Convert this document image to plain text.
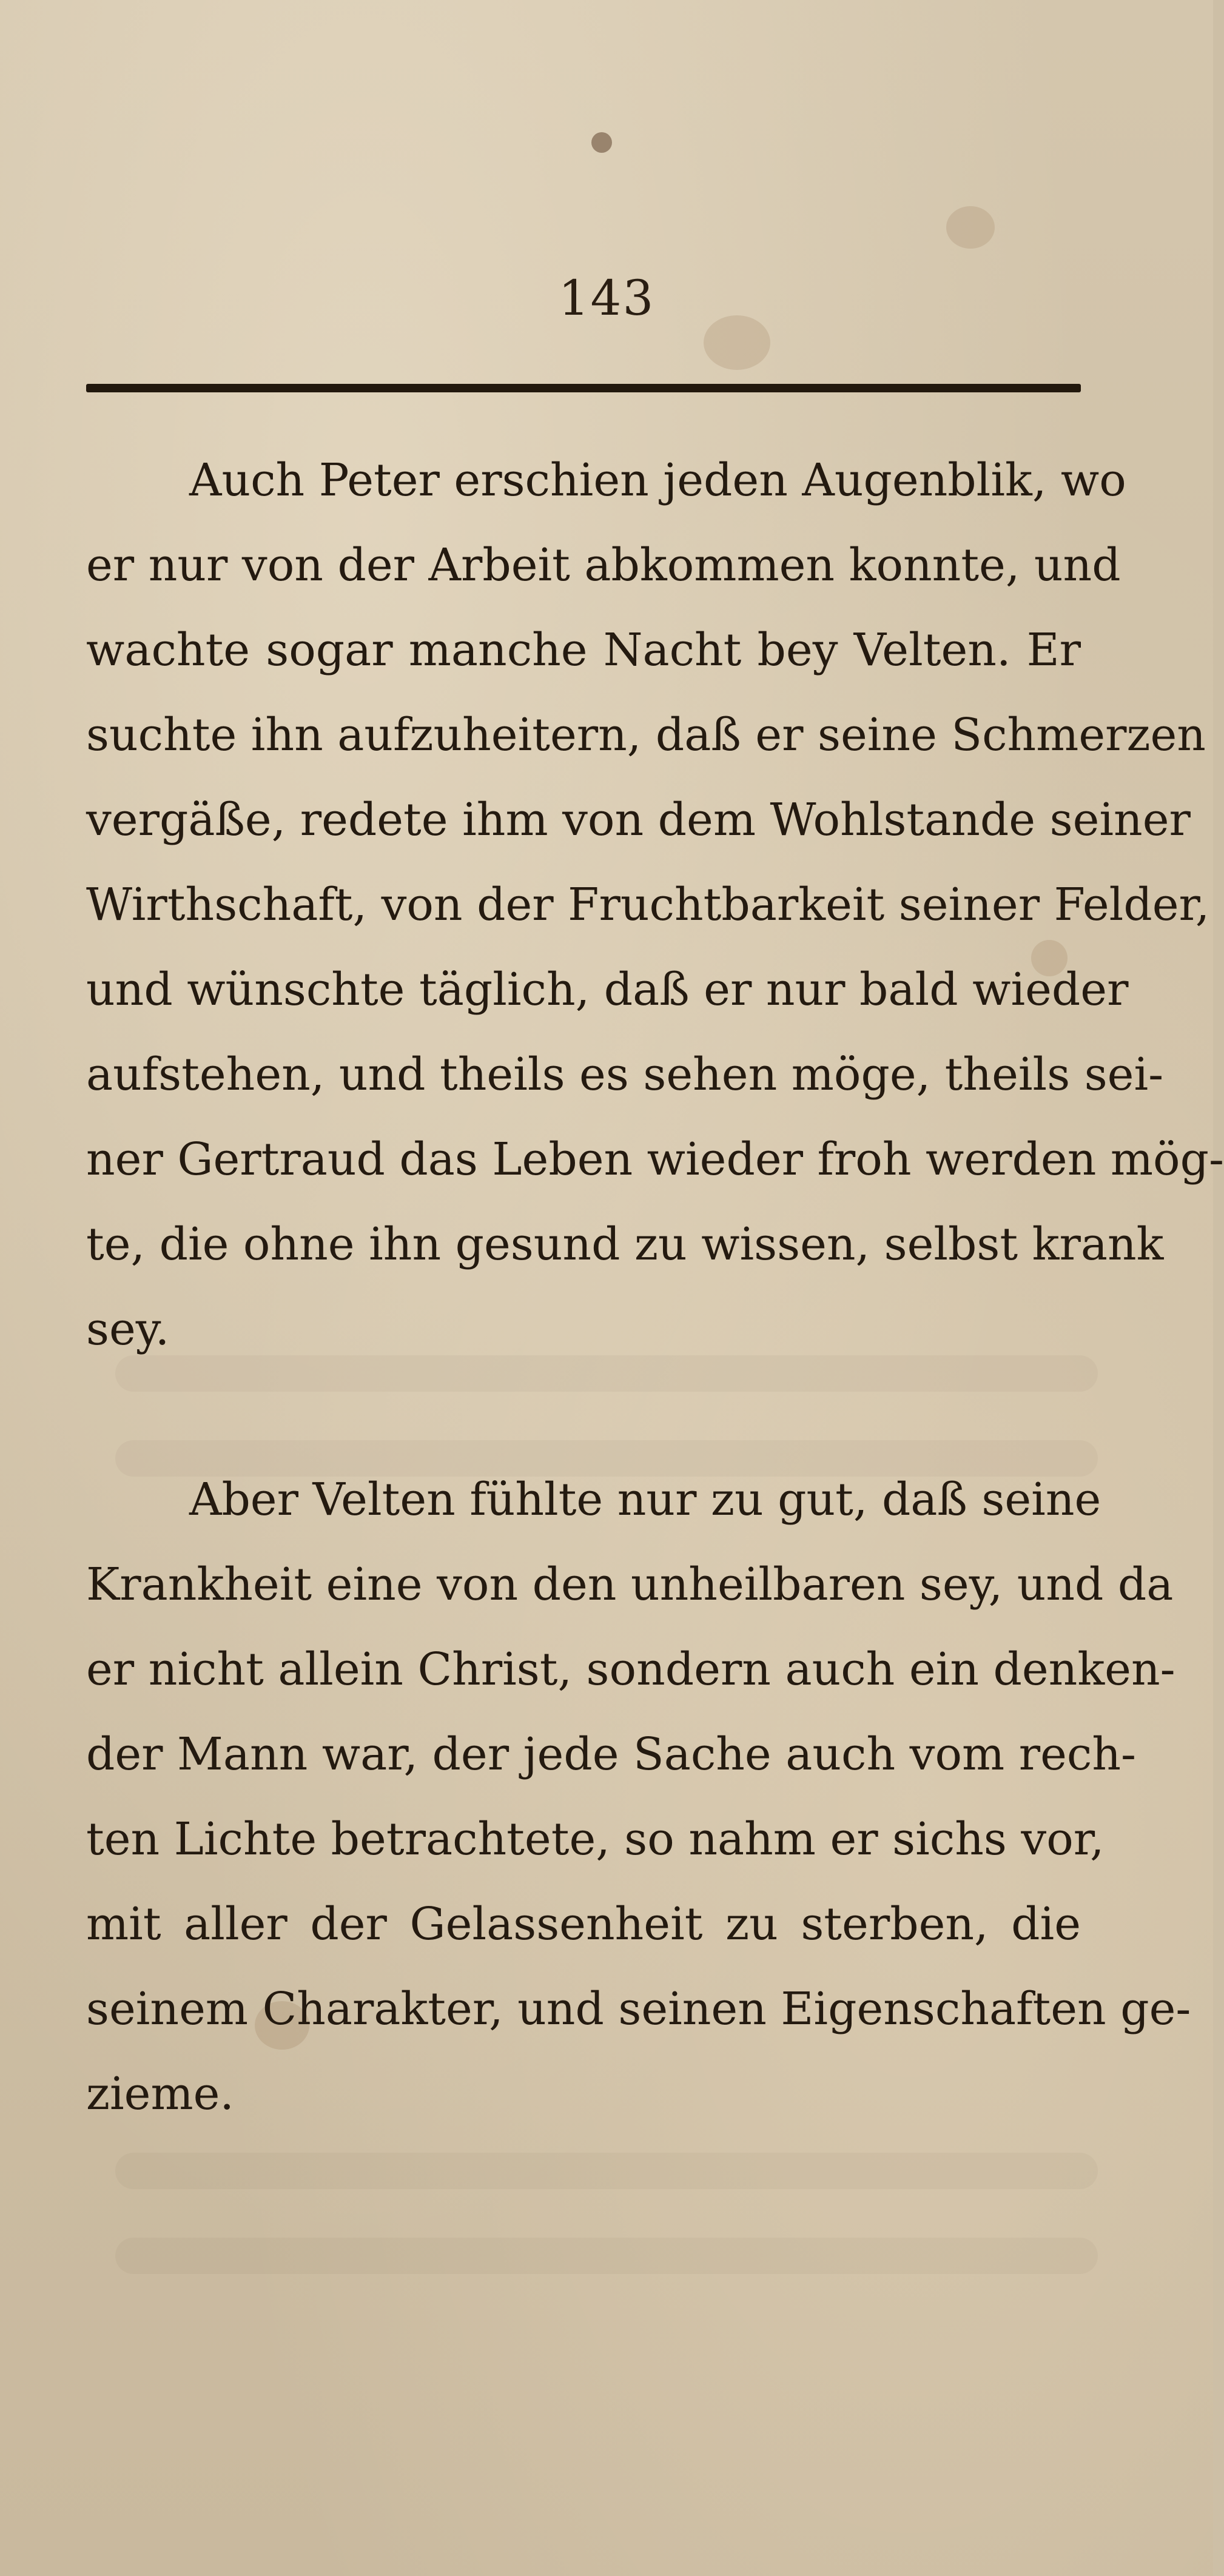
143
Auch Peter erschien jeden Augenblik, wo
er nur von der Arbeit abkommen konnte, und
wachte sogar manche Nacht bey Velten. Er
suchte ihn aufzuheitern, daß er seine Schmerzen
vergäße, redete ihm von dem Wohlstande seiner
Wirthschaft, von der Fruchtbarkeit seiner Felder,
und wünschte täglich, daß er nur bald wieder
aufstehen, und theils es sehen möge, theils sei-
ner Gertraud das Leben wieder froh werden mög-
te, die ohne ihn gesund zu wissen, selbst krank
sey.
Aber Velten fühlte nur zu gut, daß seine
Krankheit eine von den unheilbaren sey, und da
er nicht allein Christ, sondern auch ein denken-
der Mann war, der jede Sache auch vom rech-
ten Lichte betrachtete, so nahm er sichs vor,
mit aller der Gelassenheit zu sterben, die
seinem Charakter, und seinen Eigenschaften ge-
zieme.
